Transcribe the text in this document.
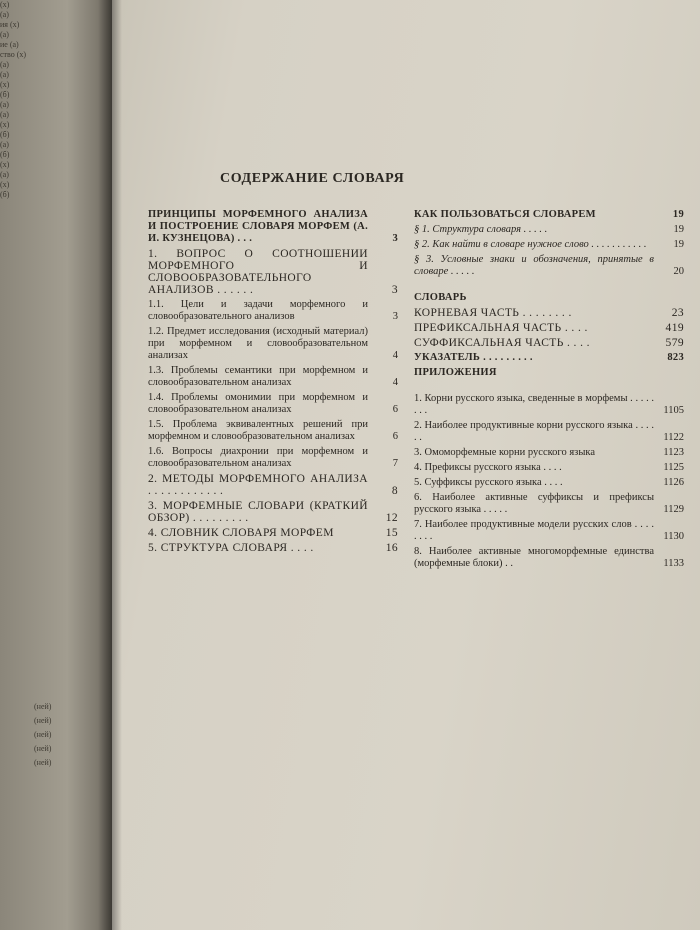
(х)
(а)
ия (х)
(а)
ие (а)
ство (х)
(а)
(a)
(х)
(б)
(а)
(а)
(х)
(б)
(а)
(б)
(х)
(а)
(х)
(б)
(ней)
(ней)
(ней)
(ней)
(ней)
СОДЕРЖАНИЕ СЛОВАРЯ
ПРИНЦИПЫ МОРФЕМНОГО АНАЛИЗА И ПОСТРОЕНИЕ СЛОВАРЯ МОРФЕМ (А. И. КУЗНЕЦОВА) . . .	3
1. ВОПРОС О СООТНОШЕНИИ МОРФЕМНОГО И СЛОВООБРАЗОВАТЕЛЬНОГО АНАЛИЗОВ . . . . . .	3
1.1. Цели и задачи морфемного и словообразовательного анализов	3
1.2. Предмет исследования (исходный материал) при морфемном и словообразовательном анализах	4
1.3. Проблемы семантики при морфемном и словообразовательном анализах	4
1.4. Проблемы омонимии при морфемном и словообразовательном анализах	6
1.5. Проблема эквивалентных решений при морфемном и словообразовательном анализах	6
1.6. Вопросы диахронии при морфемном и словообразовательном анализах	7
2. МЕТОДЫ МОРФЕМНОГО АНАЛИЗА . . . . . . . . . . . .	8
3. МОРФЕМНЫЕ СЛОВАРИ (КРАТКИЙ ОБЗОР) . . . . . . . . .	12
4. СЛОВНИК СЛОВАРЯ МОРФЕМ	15
5. СТРУКТУРА СЛОВАРЯ . . . .	16
КАК ПОЛЬЗОВАТЬСЯ СЛОВАРЕМ	19
§ 1. Структура словаря . . . . .	19
§ 2. Как найти в словаре нужное слово . . . . . . . . . . .	19
§ 3. Условные знаки и обозначения, принятые в словаре . . . . .	20
СЛОВАРЬ
КОРНЕВАЯ ЧАСТЬ . . . . . . . .	23
ПРЕФИКСАЛЬНАЯ ЧАСТЬ . . . .	419
СУФФИКСАЛЬНАЯ ЧАСТЬ . . . .	579
УКАЗАТЕЛЬ . . . . . . . . .	823
ПРИЛОЖЕНИЯ
1. Корни русского языка, сведенные в морфемы . . . . . . . .	1105
2. Наиболее продуктивные корни русского языка . . . . . .	1122
3. Омоморфемные корни русского языка	1123
4. Префиксы русского языка . . . .	1125
5. Суффиксы русского языка . . . .	1126
6. Наиболее активные суффиксы и префиксы русского языка . . . . .	1129
7. Наиболее продуктивные модели русских слов . . . . . . . .	1130
8. Наиболее активные многоморфемные единства (морфемные блоки) . .	1133
